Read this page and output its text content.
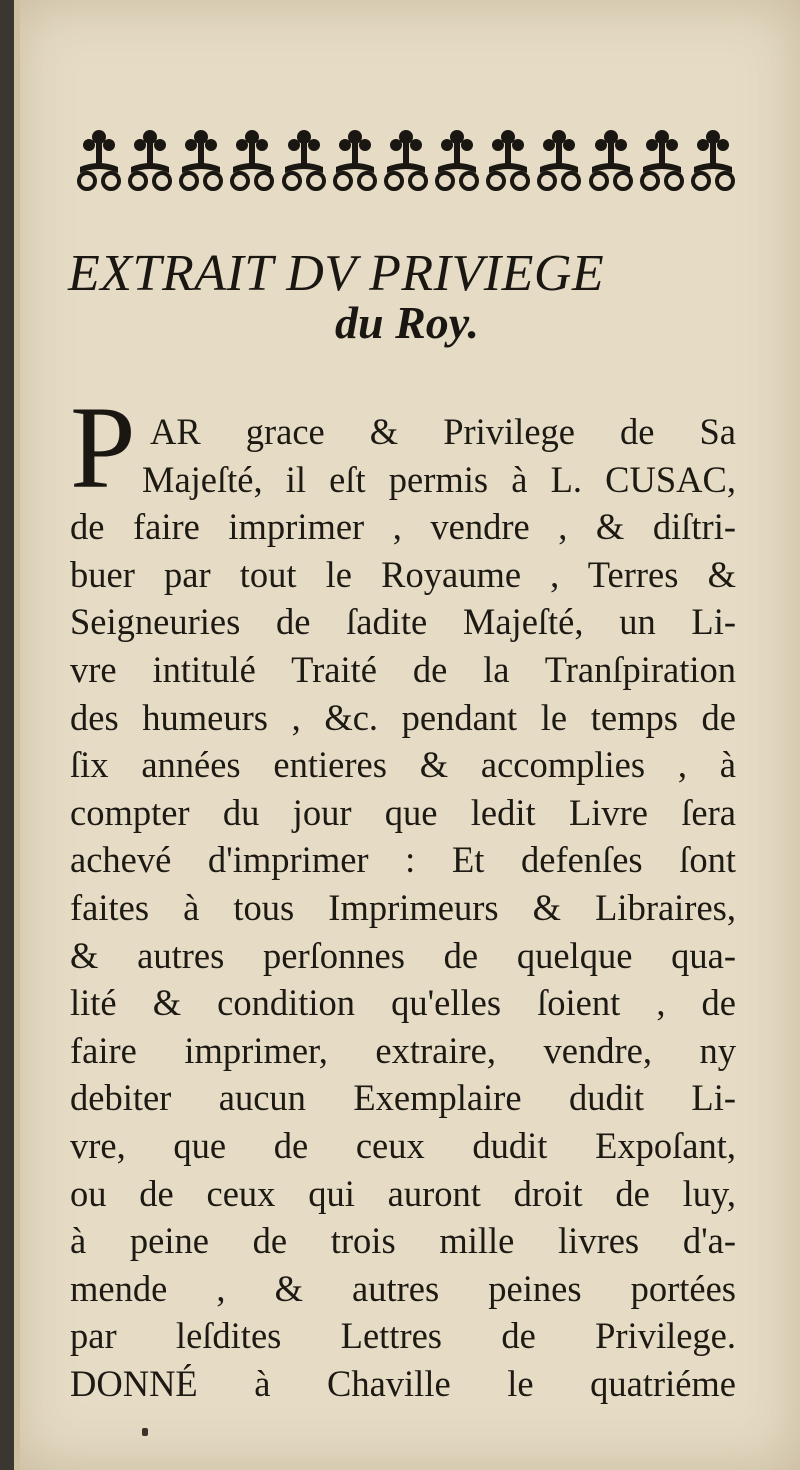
EXTRAIT DV PRIVIEGE
du Roy.
P AR grace & Privilege de Sa
Majeſté, il eſt permis à L. CUSAC,
de faire imprimer , vendre , & diſtri-
buer par tout le Royaume , Terres &
Seigneuries de ſadite Majeſté, un Li-
vre intitulé Traité de la Tranſpiration
des humeurs , &c. pendant le temps de
ſix années entieres & accomplies , à
compter du jour que ledit Livre ſera
achevé d'imprimer : Et defenſes ſont
faites à tous Imprimeurs & Libraires,
& autres perſonnes de quelque qua-
lité & condition qu'elles ſoient , de
faire imprimer, extraire, vendre, ny
debiter aucun Exemplaire dudit Li-
vre, que de ceux dudit Expoſant,
ou de ceux qui auront droit de luy,
à peine de trois mille livres d'a-
mende , & autres peines portées
par leſdites Lettres de Privilege.
DONNÉ à Chaville le quatriéme
